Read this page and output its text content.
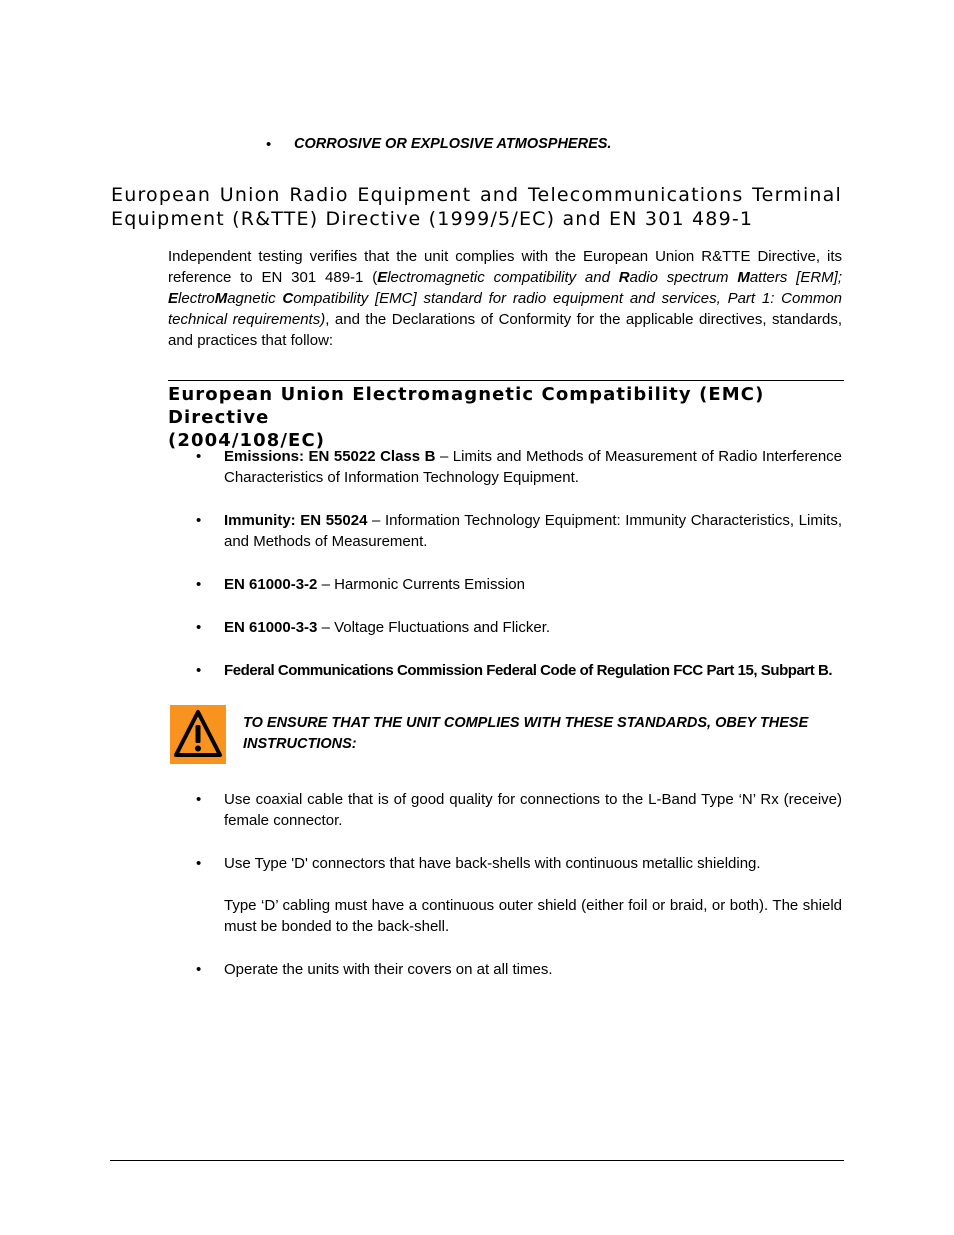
• CORROSIVE OR EXPLOSIVE ATMOSPHERES.
European Union Radio Equipment and Telecommunications Terminal
Equipment (R&TTE) Directive (1999/5/EC) and EN 301 489-1

Independent testing verifies that the unit complies with the European Union R&TTE Directive, its reference to EN 301 489-1 (Electromagnetic compatibility and Radio spectrum Matters [ERM]; ElectroMagnetic Compatibility [EMC] standard for radio equipment and services, Part 1: Common technical requirements), and the Declarations of Conformity for the applicable directives, standards, and practices that follow:

European Union Electromagnetic Compatibility (EMC) Directive
(2004/108/EC)
• Emissions: EN 55022 Class B – Limits and Methods of Measurement of Radio Interference Characteristics of Information Technology Equipment.
• Immunity: EN 55024 – Information Technology Equipment: Immunity Characteristics, Limits, and Methods of Measurement.
• EN 61000-3-2 – Harmonic Currents Emission
• EN 61000-3-3 – Voltage Fluctuations and Flicker.
• Federal Communications Commission Federal Code of Regulation FCC Part 15, Subpart B.
TO ENSURE THAT THE UNIT COMPLIES WITH THESE STANDARDS, OBEY THESE INSTRUCTIONS:
• Use coaxial cable that is of good quality for connections to the L-Band Type ‘N’ Rx (receive) female connector.
• Use Type 'D' connectors that have back-shells with continuous metallic shielding.
Type ‘D’ cabling must have a continuous outer shield (either foil or braid, or both). The shield must be bonded to the back-shell.
• Operate the units with their covers on at all times.
